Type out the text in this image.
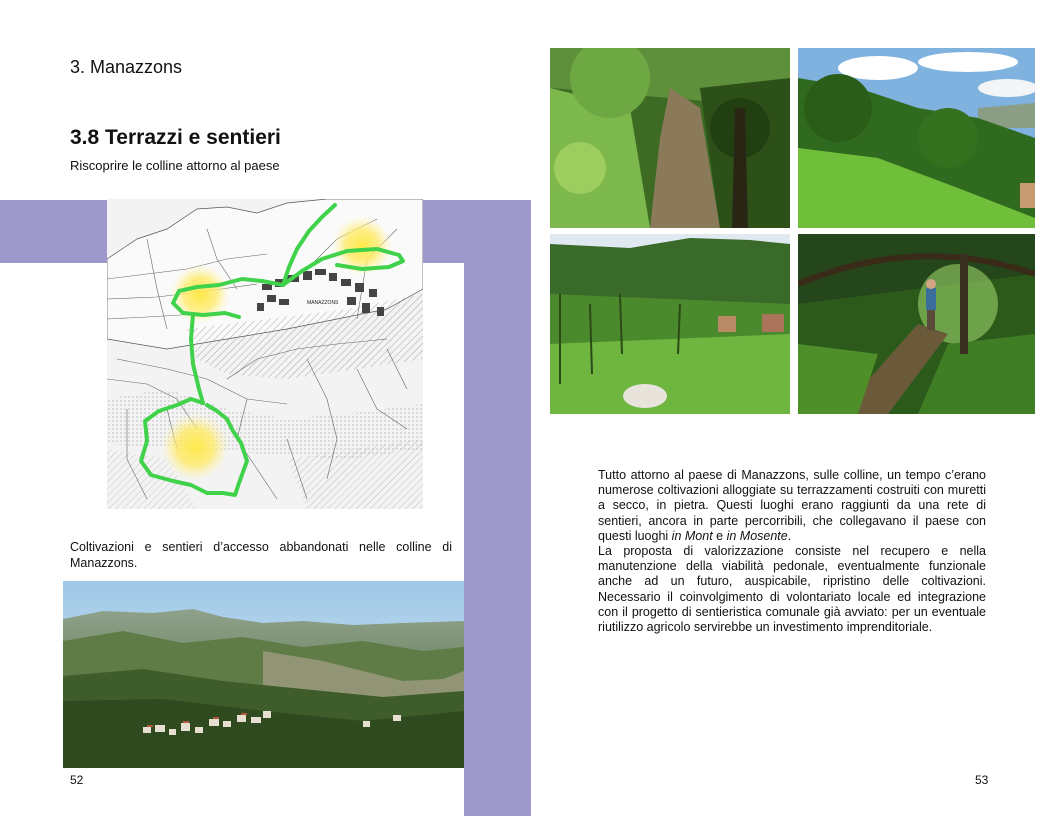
3. Manazzons
3.8 Terrazzi e sentieri
Riscoprire le colline attorno al paese
MANAZZONS
Coltivazioni e sentieri d’accesso abbandonati nelle colline di Manazzons.
52

Tutto attorno al paese di Manazzons, sulle colline, un tempo c’erano numerose coltivazioni alloggiate su terrazzamenti costruiti con muretti a secco, in pietra. Questi luoghi erano raggiunti da una rete di sentieri, ancora in parte percorribili, che collegavano il paese con questi luoghi in Mont e in Mosente.

La proposta di valorizzazione consiste nel recupero e nella manutenzione della viabilità pedonale, eventualmente funzionale anche ad un futuro, auspicabile, ripristino delle coltivazioni. Necessario il coinvolgimento di volontariato locale ed integrazione con il progetto di sentieristica comunale già avviato: per un eventuale riutilizzo agricolo servirebbe un investimento imprenditoriale.

53
